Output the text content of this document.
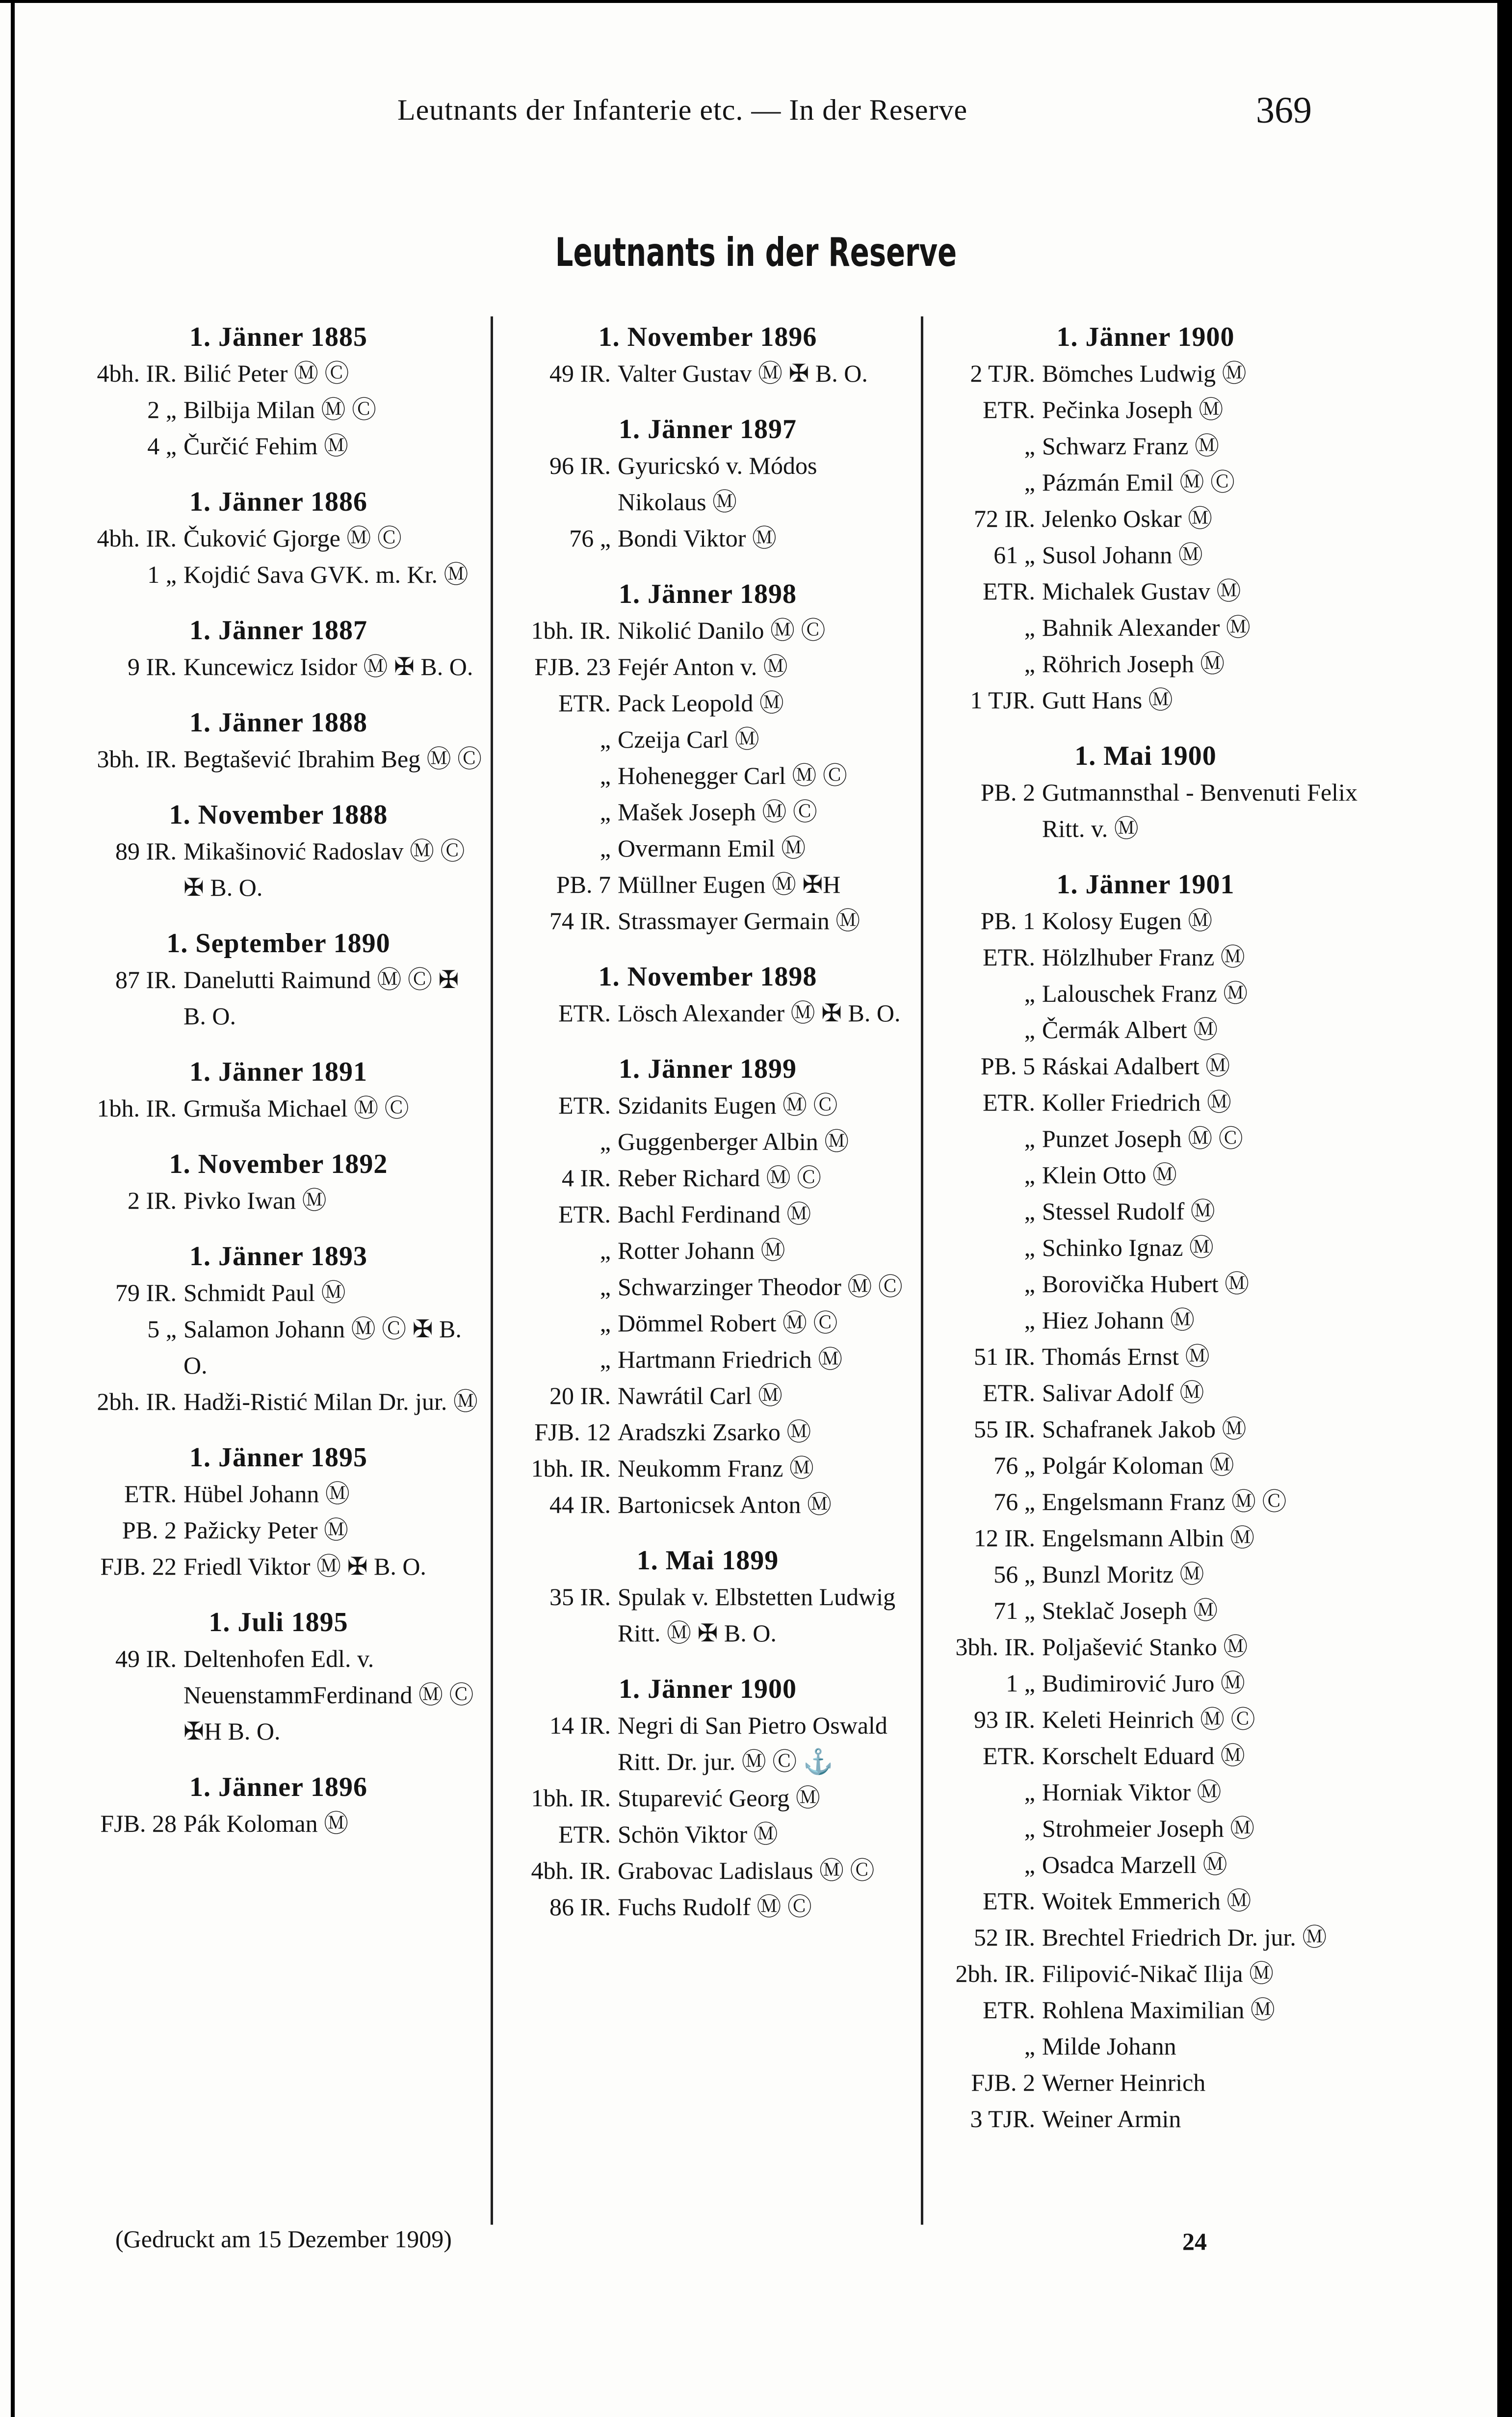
Leutnants der Infanterie etc. — In der Reserve	369
Leutnants in der Reserve
1. Jänner 1885
4bh. IR. Bilić Peter Ⓜ Ⓒ
2 „ Bilbija Milan Ⓜ Ⓒ
4 „ Čurčić Fehim Ⓜ
1. Jänner 1886
4bh. IR. Čuković Gjorge Ⓜ Ⓒ
1 „ Kojdić Sava GVK. m. Kr. Ⓜ
1. Jänner 1887
9 IR. Kuncewicz Isidor Ⓜ ✠ B. O.
1. Jänner 1888
3bh. IR. Begtašević Ibrahim Beg Ⓜ Ⓒ
1. November 1888
89 IR. Mikašinović Radoslav Ⓜ Ⓒ ✠ B. O.
1. September 1890
87 IR. Danelutti Raimund Ⓜ Ⓒ ✠ B. O.
1. Jänner 1891
1bh. IR. Grmuša Michael Ⓜ Ⓒ
1. November 1892
2 IR. Pivko Iwan Ⓜ
1. Jänner 1893
79 IR. Schmidt Paul Ⓜ
5 „ Salamon Johann Ⓜ Ⓒ ✠ B. O.
2bh. IR. Hadži-Ristić Milan Dr. jur. Ⓜ
1. Jänner 1895
ETR. Hübel Johann Ⓜ
PB. 2 Pažicky Peter Ⓜ
FJB. 22 Friedl Viktor Ⓜ ✠ B. O.
1. Juli 1895
49 IR. Deltenhofen Edl. v. NeuenstammFerdinand Ⓜ Ⓒ ✠H B. O.
1. Jänner 1896
FJB. 28 Pák Koloman Ⓜ
1. November 1896
49 IR. Valter Gustav Ⓜ ✠ B. O.
1. Jänner 1897
96 IR. Gyuricskó v. Módos Nikolaus Ⓜ
76 „ Bondi Viktor Ⓜ
1. Jänner 1898
1bh. IR. Nikolić Danilo Ⓜ Ⓒ
FJB. 23 Fejér Anton v. Ⓜ
ETR. Pack Leopold Ⓜ
„ Czeija Carl Ⓜ
„ Hohenegger Carl Ⓜ Ⓒ
„ Mašek Joseph Ⓜ Ⓒ
„ Overmann Emil Ⓜ
PB. 7 Müllner Eugen Ⓜ ✠H
74 IR. Strassmayer Germain Ⓜ
1. November 1898
ETR. Lösch Alexander Ⓜ ✠ B. O.
1. Jänner 1899
ETR. Szidanits Eugen Ⓜ Ⓒ
„ Guggenberger Albin Ⓜ
4 IR. Reber Richard Ⓜ Ⓒ
ETR. Bachl Ferdinand Ⓜ
„ Rotter Johann Ⓜ
„ Schwarzinger Theodor Ⓜ Ⓒ
„ Dömmel Robert Ⓜ Ⓒ
„ Hartmann Friedrich Ⓜ
20 IR. Nawrátil Carl Ⓜ
FJB. 12 Aradszki Zsarko Ⓜ
1bh. IR. Neukomm Franz Ⓜ
44 IR. Bartonicsek Anton Ⓜ
1. Mai 1899
35 IR. Spulak v. Elbstetten Ludwig Ritt. Ⓜ ✠ B. O.
1. Jänner 1900
14 IR. Negri di San Pietro Oswald Ritt. Dr. jur. Ⓜ Ⓒ ⚓
1bh. IR. Stuparević Georg Ⓜ
ETR. Schön Viktor Ⓜ
4bh. IR. Grabovac Ladislaus Ⓜ Ⓒ
86 IR. Fuchs Rudolf Ⓜ Ⓒ
1. Jänner 1900
2 TJR. Bömches Ludwig Ⓜ
ETR. Pečinka Joseph Ⓜ
„ Schwarz Franz Ⓜ
„ Pázmán Emil Ⓜ Ⓒ
72 IR. Jelenko Oskar Ⓜ
61 „ Susol Johann Ⓜ
ETR. Michalek Gustav Ⓜ
„ Bahnik Alexander Ⓜ
„ Röhrich Joseph Ⓜ
1 TJR. Gutt Hans Ⓜ
1. Mai 1900
PB. 2 Gutmannsthal - Benvenuti Felix Ritt. v. Ⓜ
1. Jänner 1901
PB. 1 Kolosy Eugen Ⓜ
ETR. Hölzlhuber Franz Ⓜ
„ Lalouschek Franz Ⓜ
„ Čermák Albert Ⓜ
PB. 5 Ráskai Adalbert Ⓜ
ETR. Koller Friedrich Ⓜ
„ Punzet Joseph Ⓜ Ⓒ
„ Klein Otto Ⓜ
„ Stessel Rudolf Ⓜ
„ Schinko Ignaz Ⓜ
„ Borovička Hubert Ⓜ
„ Hiez Johann Ⓜ
51 IR. Thomás Ernst Ⓜ
ETR. Salivar Adolf Ⓜ
55 IR. Schafranek Jakob Ⓜ
76 „ Polgár Koloman Ⓜ
76 „ Engelsmann Franz Ⓜ Ⓒ
12 IR. Engelsmann Albin Ⓜ
56 „ Bunzl Moritz Ⓜ
71 „ Steklač Joseph Ⓜ
3bh. IR. Poljašević Stanko Ⓜ
1 „ Budimirović Juro Ⓜ
93 IR. Keleti Heinrich Ⓜ Ⓒ
ETR. Korschelt Eduard Ⓜ
„ Horniak Viktor Ⓜ
„ Strohmeier Joseph Ⓜ
„ Osadca Marzell Ⓜ
ETR. Woitek Emmerich Ⓜ
52 IR. Brechtel Friedrich Dr. jur. Ⓜ
2bh. IR. Filipović-Nikač Ilija Ⓜ
ETR. Rohlena Maximilian Ⓜ
„ Milde Johann
FJB. 2 Werner Heinrich
3 TJR. Weiner Armin
(Gedruckt am 15 Dezember 1909)	24
